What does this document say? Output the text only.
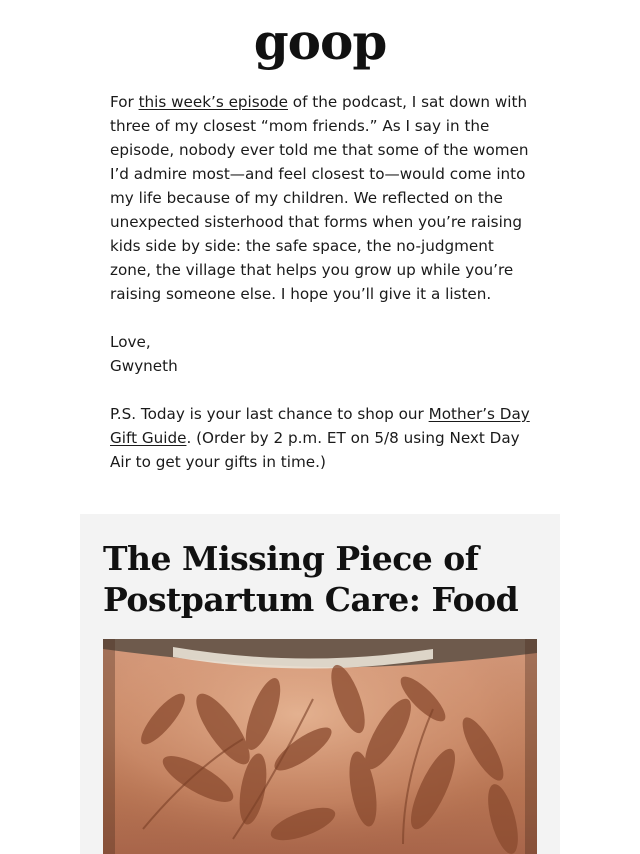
goop

For this week’s episode of the podcast, I sat down with three of my closest “mom friends.” As I say in the episode, nobody ever told me that some of the women I’d admire most—and feel closest to—would come into my life because of my children. We reflected on the unexpected sisterhood that forms when you’re raising kids side by side: the safe space, the no-judgment zone, the village that helps you grow up while you’re raising someone else. I hope you’ll give it a listen.

Love,
Gwyneth

P.S. Today is your last chance to shop our Mother’s Day Gift Guide. (Order by 2 p.m. ET on 5/8 using Next Day Air to get your gifts in time.)

The Missing Piece of Postpartum Care: Food
